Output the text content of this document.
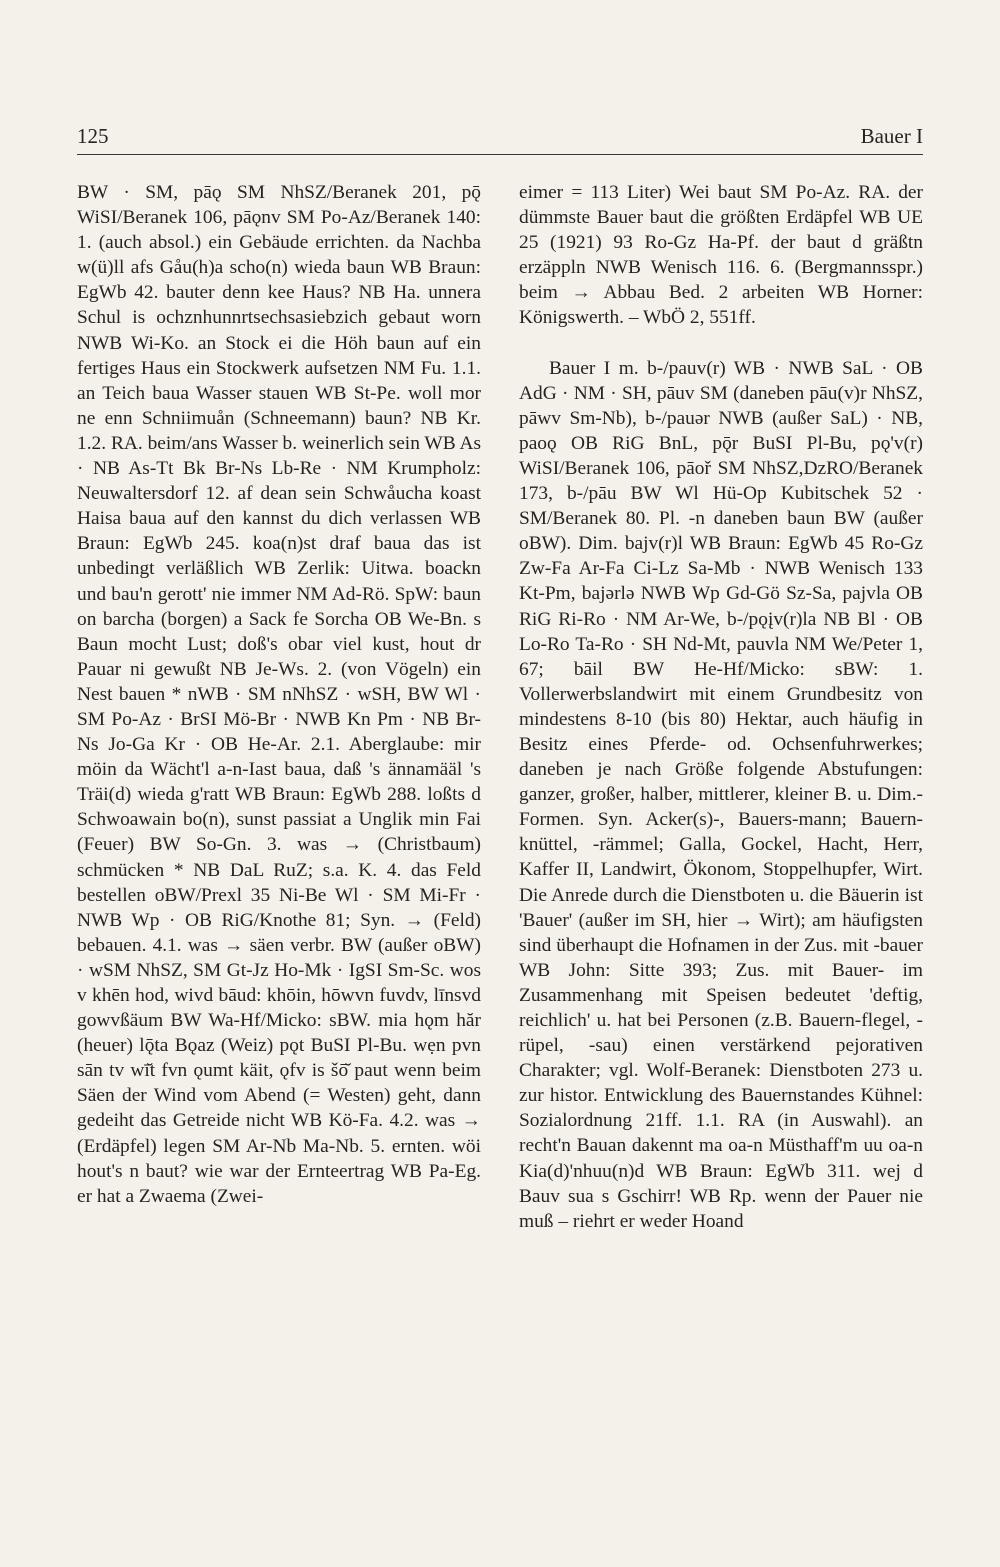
125	Bauer I

BW · SM, pāǫ SM NhSZ/Beranek 201, pǭ WiSI/Beranek 106, pāǫnv SM Po-Az/Beranek 140: 1. (auch absol.) ein Gebäude errichten. da Nachba w(ü)ll afs Gåu(h)a scho(n) wieda baun WB Braun: EgWb 42. bauter denn kee Haus? NB Ha. unnera Schul is ochznhunnrtsechsasiebzich gebaut worn NWB Wi-Ko. an Stock ei die Höh baun auf ein fertiges Haus ein Stockwerk aufsetzen NM Fu. 1.1. an Teich baua Wasser stauen WB St-Pe. woll mor ne enn Schniimuån (Schneemann) baun? NB Kr. 1.2. RA. beim/ans Wasser b. weinerlich sein WB As · NB As-Tt Bk Br-Ns Lb-Re · NM Krumpholz: Neuwaltersdorf 12. af dean sein Schwåucha koast Haisa baua auf den kannst du dich verlassen WB Braun: EgWb 245. koa(n)st draf baua das ist unbedingt verläßlich WB Zerlik: Uitwa. boackn und bau'n gerott' nie immer NM Ad-Rö. SpW: baun on barcha (borgen) a Sack fe Sorcha OB We-Bn. s Baun mocht Lust; doß's obar viel kust, hout dr Pauar ni gewußt NB Je-Ws. 2. (von Vögeln) ein Nest bauen * nWB · SM nNhSZ · wSH, BW Wl · SM Po-Az · BrSI Mö-Br · NWB Kn Pm · NB Br-Ns Jo-Ga Kr · OB He-Ar. 2.1. Aberglaube: mir möin da Wächt'l a-n-Iast baua, daß 's ännamääl 's Träi(d) wieda g'ratt WB Braun: EgWb 288. loßts d Schwoawain bo(n), sunst passiat a Unglik min Fai (Feuer) BW So-Gn. 3. was → (Christbaum) schmücken * NB DaL RuZ; s.a. K. 4. das Feld bestellen oBW/Prexl 35 Ni-Be Wl · SM Mi-Fr · NWB Wp · OB RiG/Knothe 81; Syn. → (Feld) bebauen. 4.1. was → säen verbr. BW (außer oBW) · wSM NhSZ, SM Gt-Jz Ho-Mk · IgSI Sm-Sc. wos v khēn hod, wivd bāud: khōin, hōwvn fuvdv, līnsvd gowvßäum BW Wa-Hf/Micko: sBW. mia hǫm hăr (heuer) lǭta Bǫaz (Weiz) pǫt BuSI Pl-Bu. wẹn pvn sān tv wī̆t fvn ǫumt käit, ǫfv is šō̆ paut wenn beim Säen der Wind vom Abend (= Westen) geht, dann gedeiht das Getreide nicht WB Kö-Fa. 4.2. was → (Erdäpfel) legen SM Ar-Nb Ma-Nb. 5. ernten. wöi hout's n baut? wie war der Ernteertrag WB Pa-Eg. er hat a Zwaema (Zwei-

eimer = 113 Liter) Wei baut SM Po-Az. RA. der dümmste Bauer baut die größten Erdäpfel WB UE 25 (1921) 93 Ro-Gz Ha-Pf. der baut d gräßtn erzäppln NWB Wenisch 116. 6. (Bergmannsspr.) beim → Abbau Bed. 2 arbeiten WB Horner: Königswerth. – WbÖ 2, 551ff.

Bauer I m. b-/pauv(r) WB · NWB SaL · OB AdG · NM · SH, pāuv SM (daneben pāu(v)r NhSZ, pāwv Sm-Nb), b-/pauər NWB (außer SaL) · NB, paoǫ OB RiG BnL, pǭr BuSI Pl-Bu, pǫ'v(r) WiSI/Beranek 106, pāoř SM NhSZ,DzRO/Beranek 173, b-/pāu BW Wl Hü-Op Kubitschek 52 · SM/Beranek 80. Pl. -n daneben baun BW (außer oBW). Dim. bajv(r)l WB Braun: EgWb 45 Ro-Gz Zw-Fa Ar-Fa Ci-Lz Sa-Mb · NWB Wenisch 133 Kt-Pm, bajərlə NWB Wp Gd-Gö Sz-Sa, pajvla OB RiG Ri-Ro · NM Ar-We, b-/pǫįv(r)la NB Bl · OB Lo-Ro Ta-Ro · SH Nd-Mt, pauvla NM We/Peter 1, 67; bāil BW He-Hf/Micko: sBW: 1. Vollerwerbslandwirt mit einem Grundbesitz von mindestens 8-10 (bis 80) Hektar, auch häufig in Besitz eines Pferde- od. Ochsenfuhrwerkes; daneben je nach Größe folgende Abstufungen: ganzer, großer, halber, mittlerer, kleiner B. u. Dim.-Formen. Syn. Acker(s)-, Bauers-mann; Bauern-knüttel, -rämmel; Galla, Gockel, Hacht, Herr, Kaffer II, Landwirt, Ökonom, Stoppelhupfer, Wirt. Die Anrede durch die Dienstboten u. die Bäuerin ist 'Bauer' (außer im SH, hier → Wirt); am häufigsten sind überhaupt die Hofnamen in der Zus. mit -bauer WB John: Sitte 393; Zus. mit Bauer- im Zusammenhang mit Speisen bedeutet 'deftig, reichlich' u. hat bei Personen (z.B. Bauern-flegel, -rüpel, -sau) einen verstärkend pejorativen Charakter; vgl. Wolf-Beranek: Dienstboten 273 u. zur histor. Entwicklung des Bauernstandes Kühnel: Sozialordnung 21ff. 1.1. RA (in Auswahl). an recht'n Bauan dakennt ma oa-n Müsthaff'm uu oa-n Kia(d)'nhuu(n)d WB Braun: EgWb 311. wej d Bauv sua s Gschirr! WB Rp. wenn der Pauer nie muß – riehrt er weder Hoand
